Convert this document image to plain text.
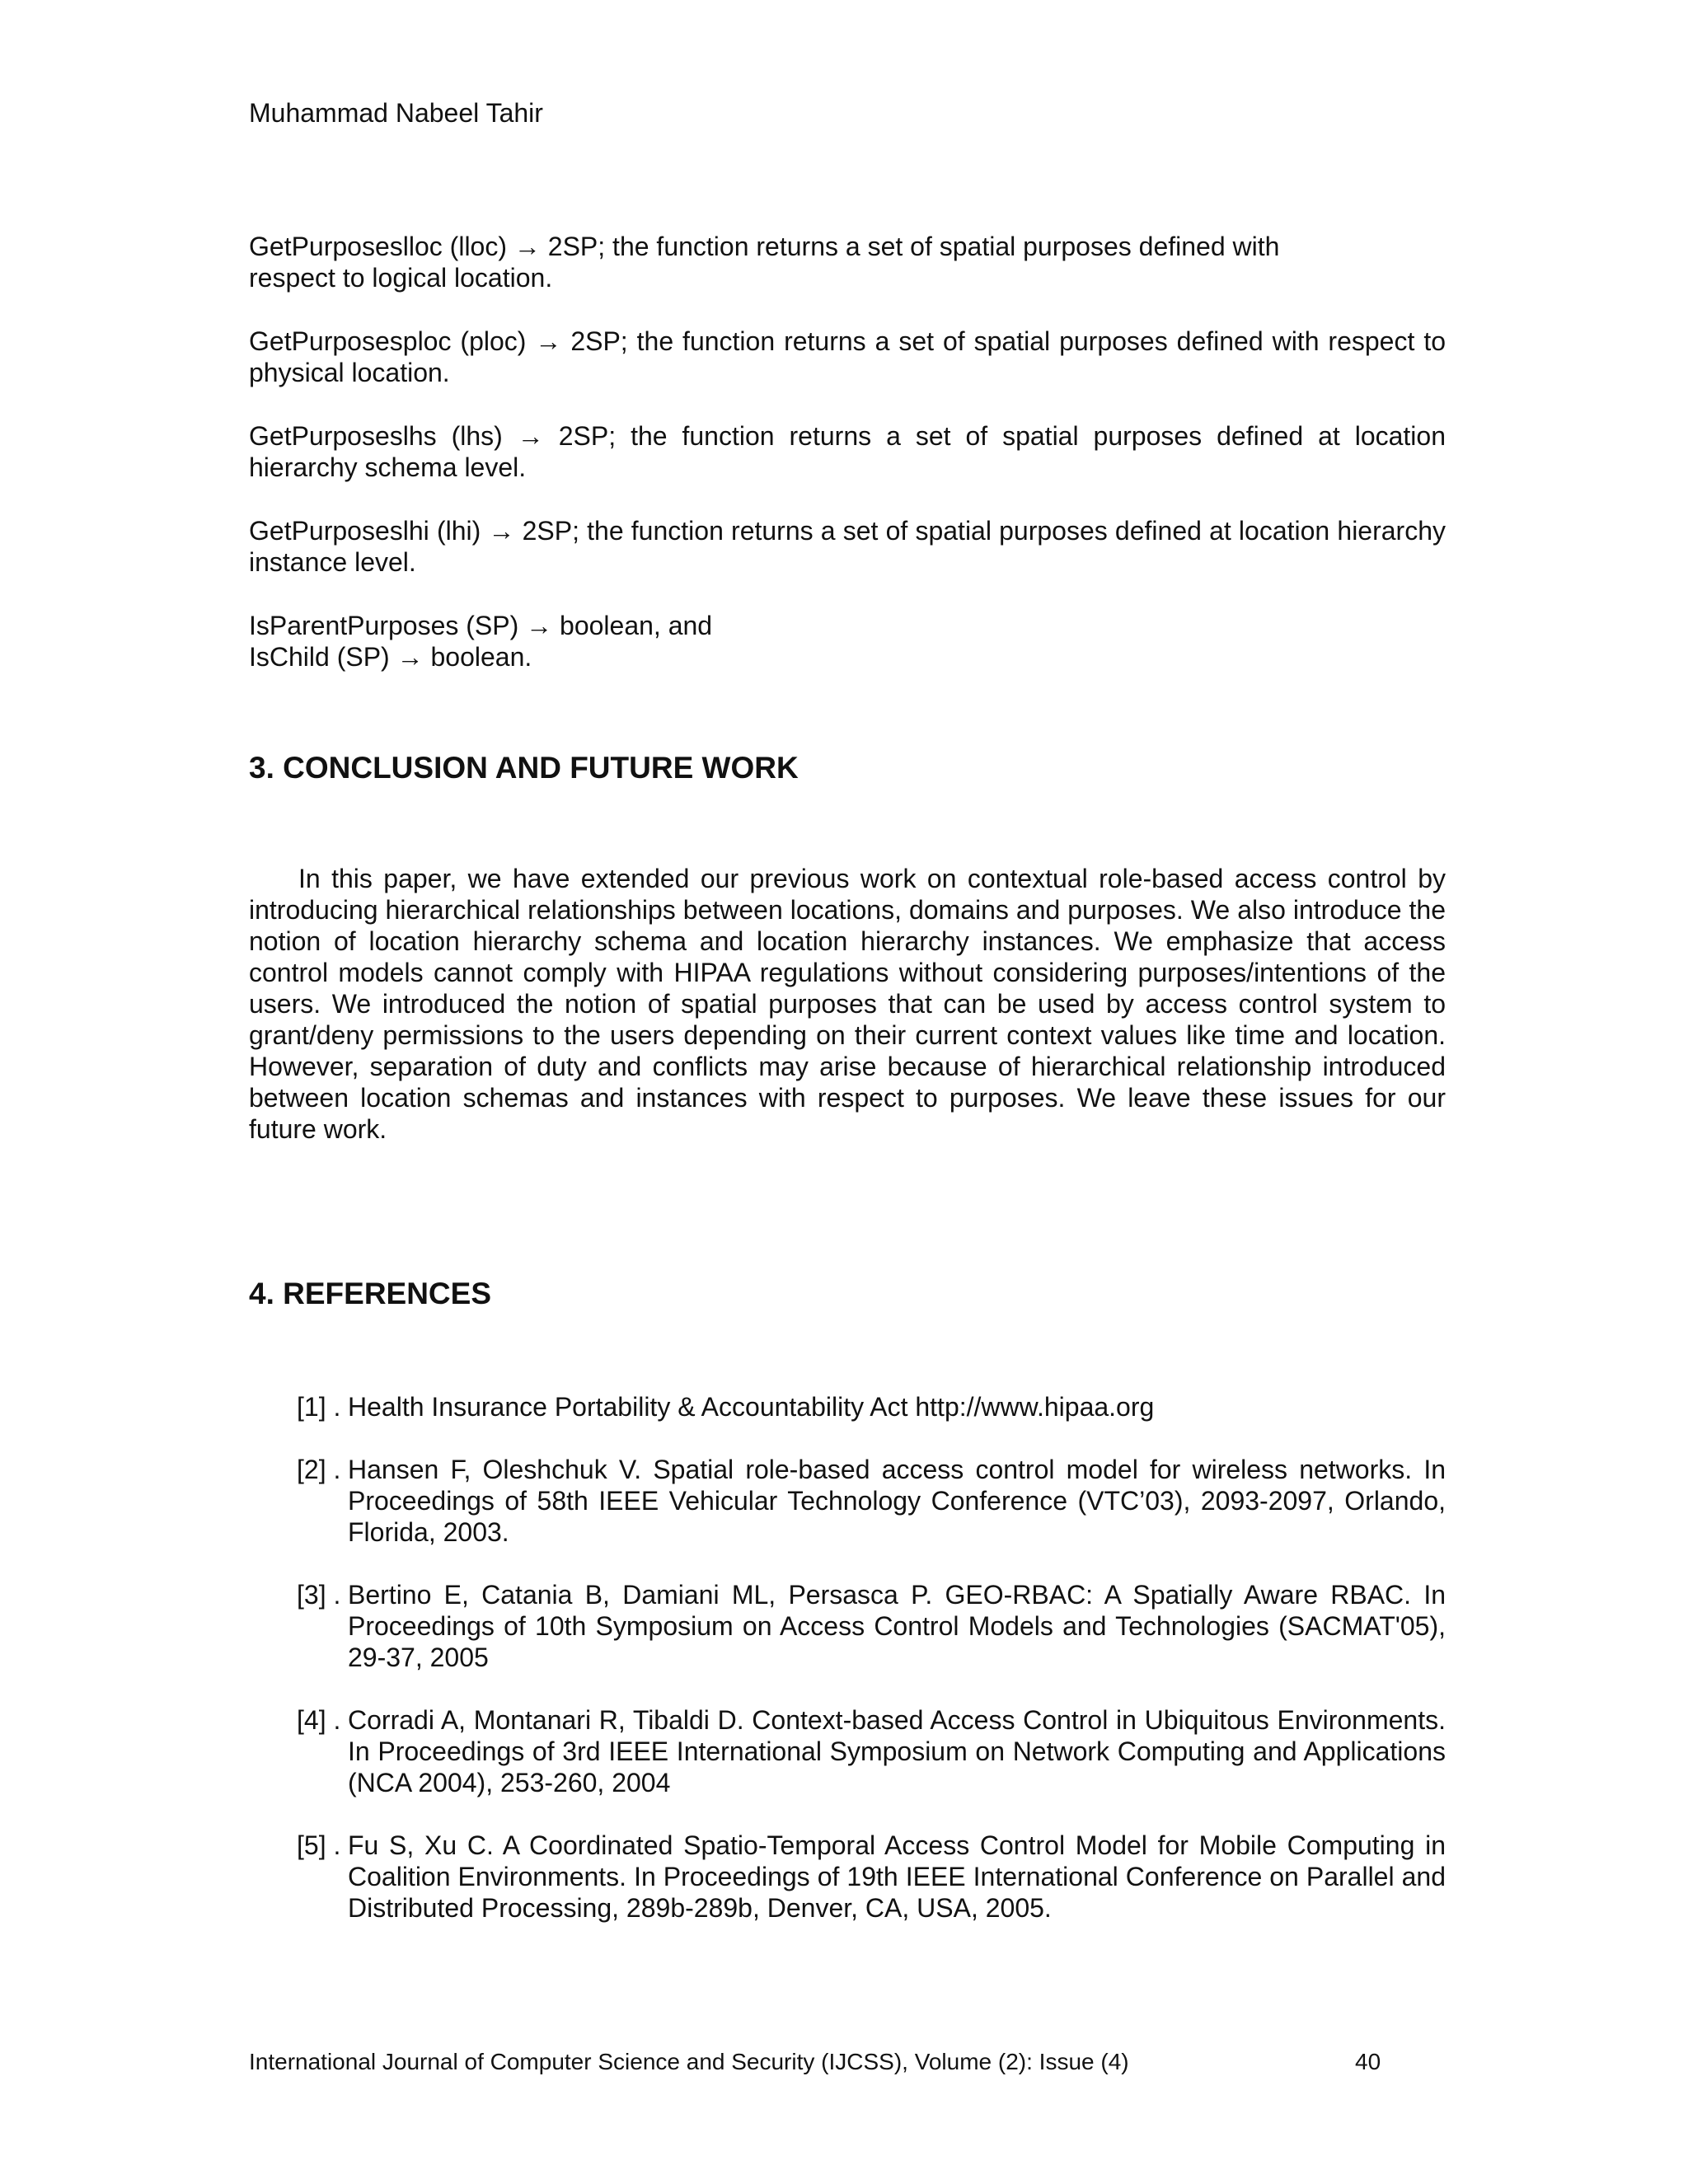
Muhammad Nabeel Tahir

GetPurposeslloc (lloc) → 2SP; the function returns a set of spatial purposes defined with respect to logical location.

GetPurposesploc (ploc) → 2SP; the function returns a set of spatial purposes defined with respect to physical location.

GetPurposeslhs (lhs) → 2SP; the function returns a set of spatial purposes defined at location hierarchy schema level.

GetPurposeslhi (lhi) → 2SP; the function returns a set of spatial purposes defined at location hierarchy instance level.

IsParentPurposes (SP) → boolean, and
IsChild (SP) → boolean.

3. CONCLUSION AND FUTURE WORK

In this paper, we have extended our previous work on contextual role-based access control by introducing hierarchical relationships between locations, domains and purposes. We also introduce the notion of location hierarchy schema and location hierarchy instances. We emphasize that access control models cannot comply with HIPAA regulations without considering purposes/intentions of the users. We introduced the notion of spatial purposes that can be used by access control system to grant/deny permissions to the users depending on their current context values like time and location. However, separation of duty and conflicts may arise because of hierarchical relationship introduced between location schemas and instances with respect to purposes. We leave these issues for our future work.

4. REFERENCES
[1] . Health Insurance Portability & Accountability Act http://www.hipaa.org
[2] . Hansen F, Oleshchuk V. Spatial role-based access control model for wireless networks. In Proceedings of 58th IEEE Vehicular Technology Conference (VTC’03), 2093-2097, Orlando, Florida, 2003.
[3] . Bertino E, Catania B, Damiani ML, Persasca P. GEO-RBAC: A Spatially Aware RBAC. In Proceedings of 10th Symposium on Access Control Models and Technologies (SACMAT'05), 29-37, 2005
[4] . Corradi A, Montanari R, Tibaldi D. Context-based Access Control in Ubiquitous Environments. In Proceedings of 3rd IEEE International Symposium on Network Computing and Applications (NCA 2004), 253-260, 2004
[5] . Fu S, Xu C. A Coordinated Spatio-Temporal Access Control Model for Mobile Computing in Coalition Environments. In Proceedings of 19th IEEE International Conference on Parallel and Distributed Processing, 289b-289b, Denver, CA, USA, 2005.
International Journal of Computer Science and Security (IJCSS), Volume (2): Issue (4)	40
